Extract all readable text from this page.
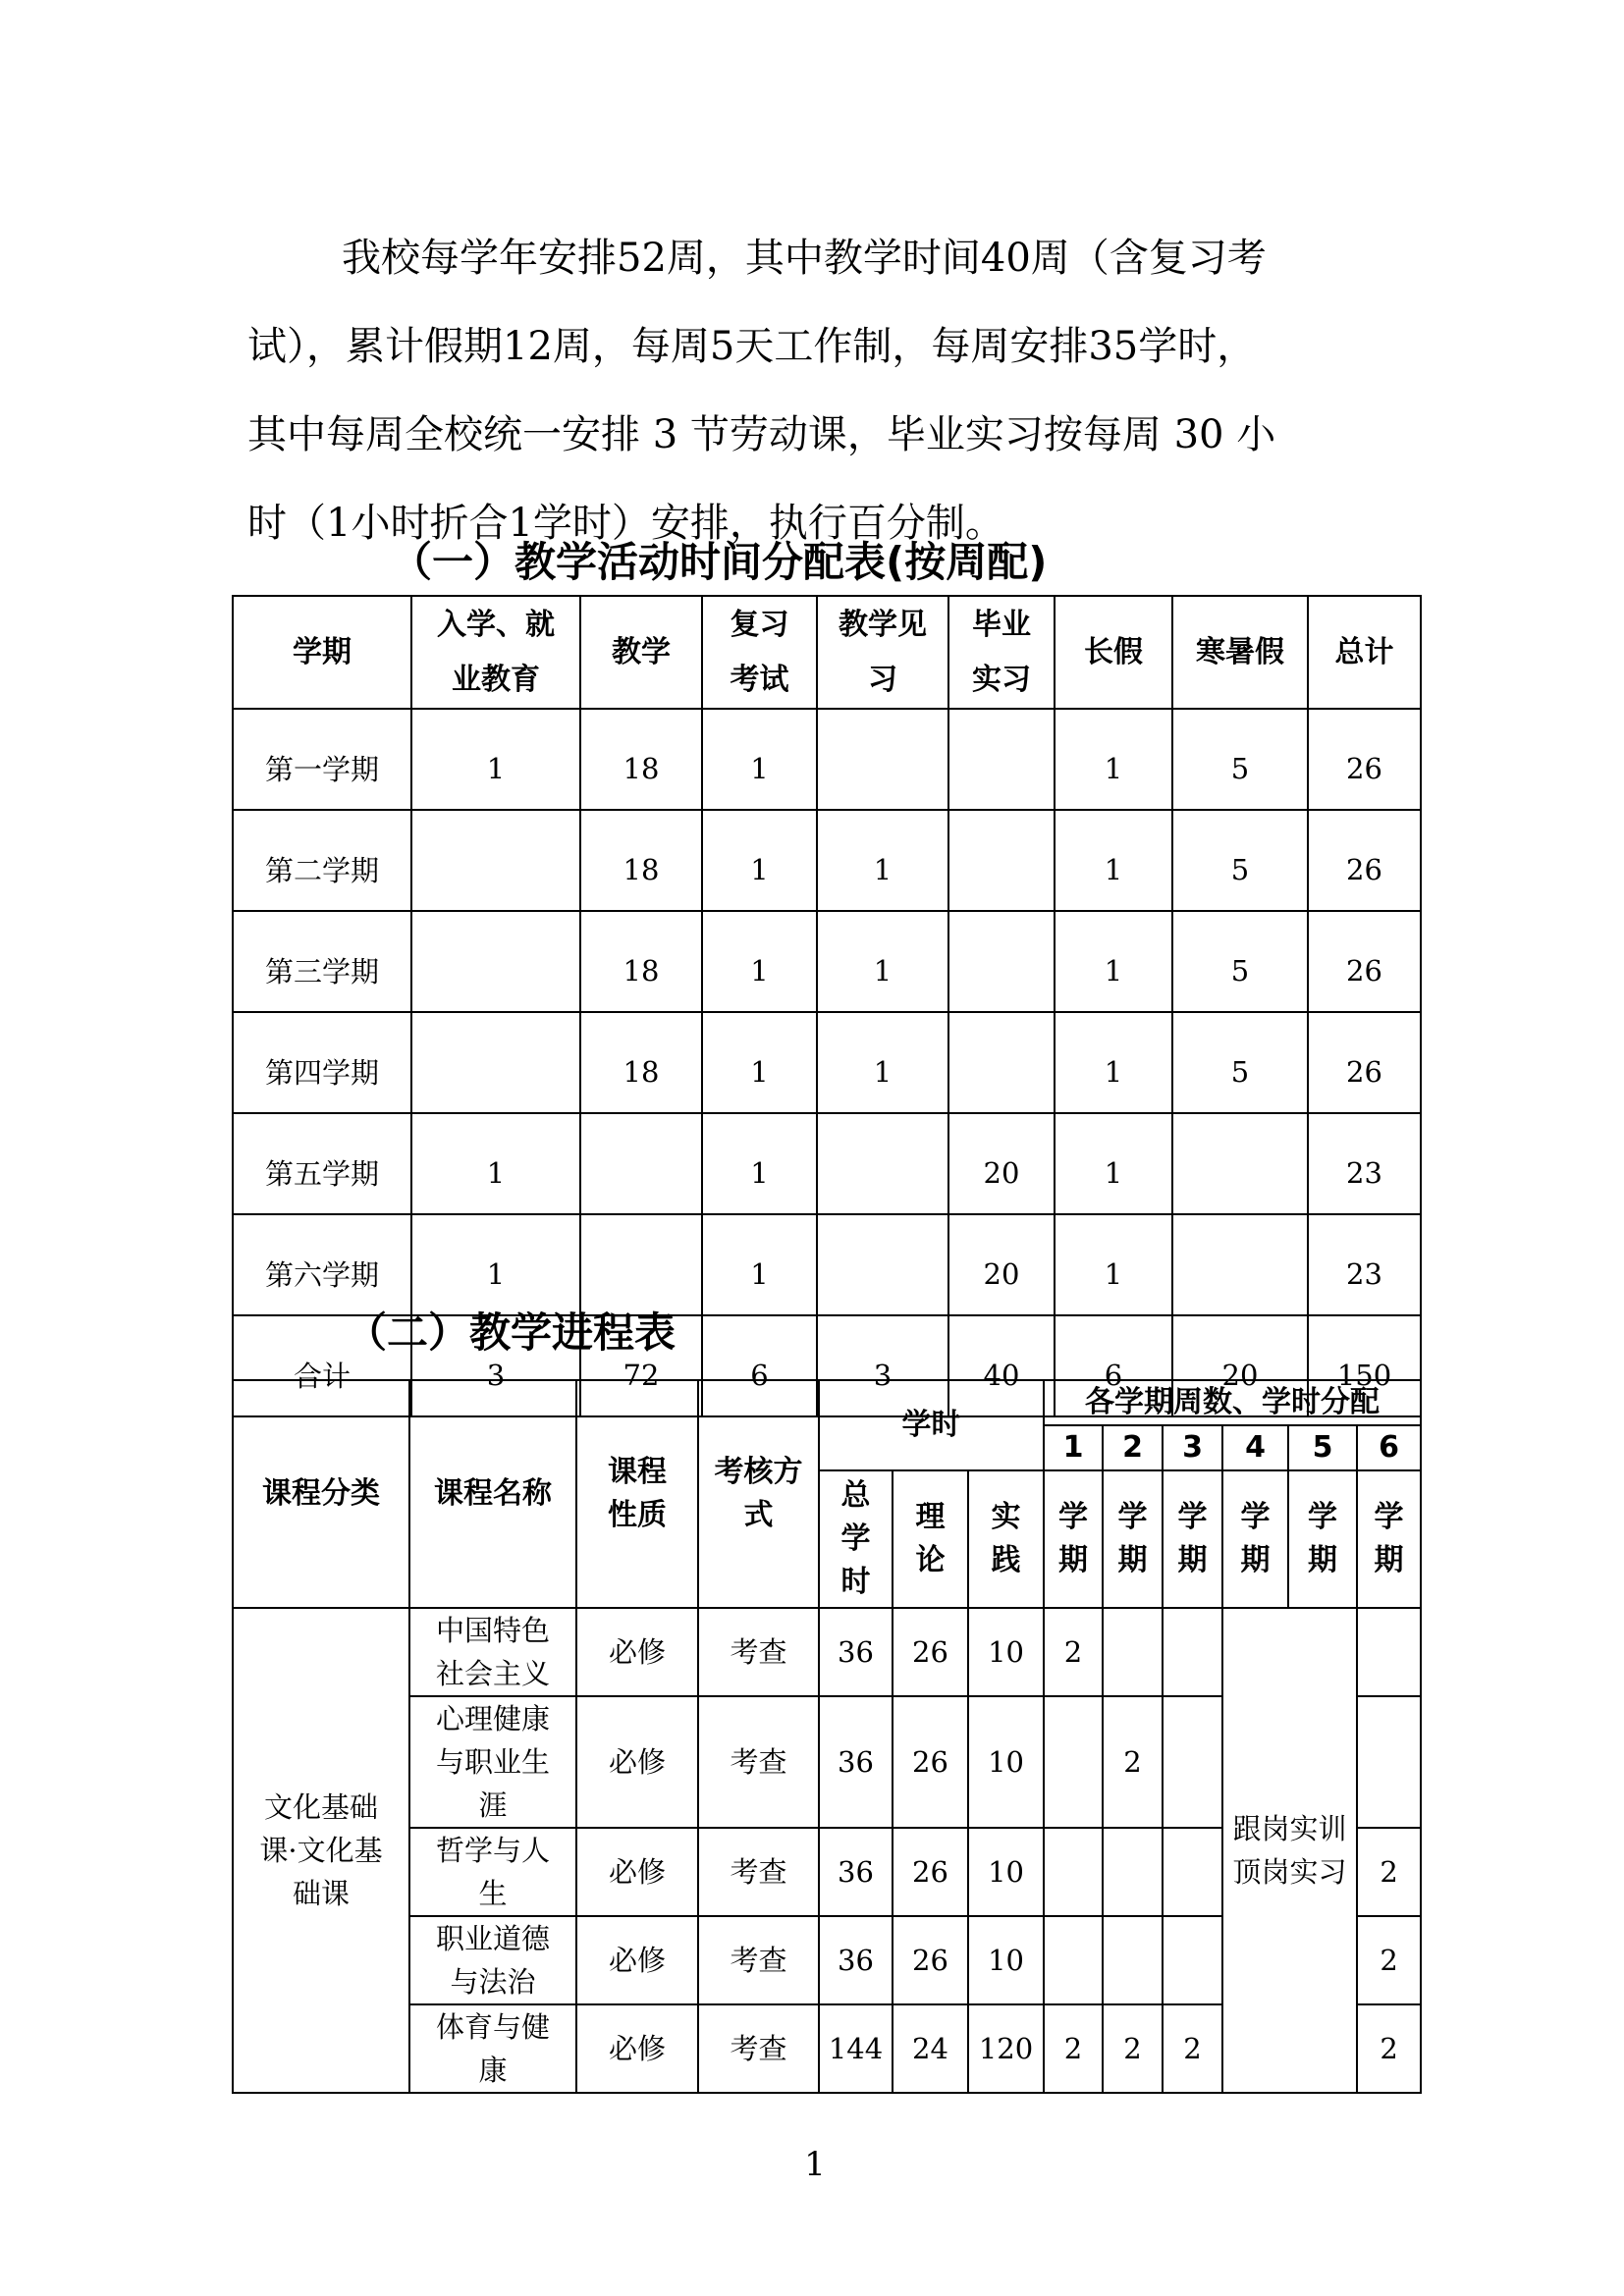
我校每学年安排52周，其中教学时间40周（含复习考

试），累计假期12周，每周5天工作制，每周安排35学时，

其中每周全校统一安排 3 节劳动课，毕业实习按每周 30 小

时（1小时折合1学时）安排，执行百分制。

（一）教学活动时间分配表(按周配)
学期	入学、就业教育	教学	复习考试	教学见习	毕业实习	长假	寒暑假	总计
第一学期	1	18	1			1	5	26
第二学期		18	1	1		1	5	26
第三学期		18	1	1		1	5	26
第四学期		18	1	1		1	5	26
第五学期	1		1		20	1		23
第六学期	1		1		20	1		23
合计	3	72	6	3	40	6	20	150
（二）教学进程表
课程分类	课程名称	课程性质	考核方式	学时			各学期周数、学时分配					
							1	2	3	4	5	6
				总学时	理论	实践	学期	学期	学期	学期	学期	学期
文化基础课·文化基础课	中国特色社会主义	必修	考查	36	26	10	2			跟岗实训顶岗实习		
	心理健康与职业生涯	必修	考查	36	26	10		2				
	哲学与人生	必修	考查	36	26	10						2
	职业道德与法治	必修	考查	36	26	10						2
	体育与健康	必修	考查	144	24	120	2	2	2			2

1
